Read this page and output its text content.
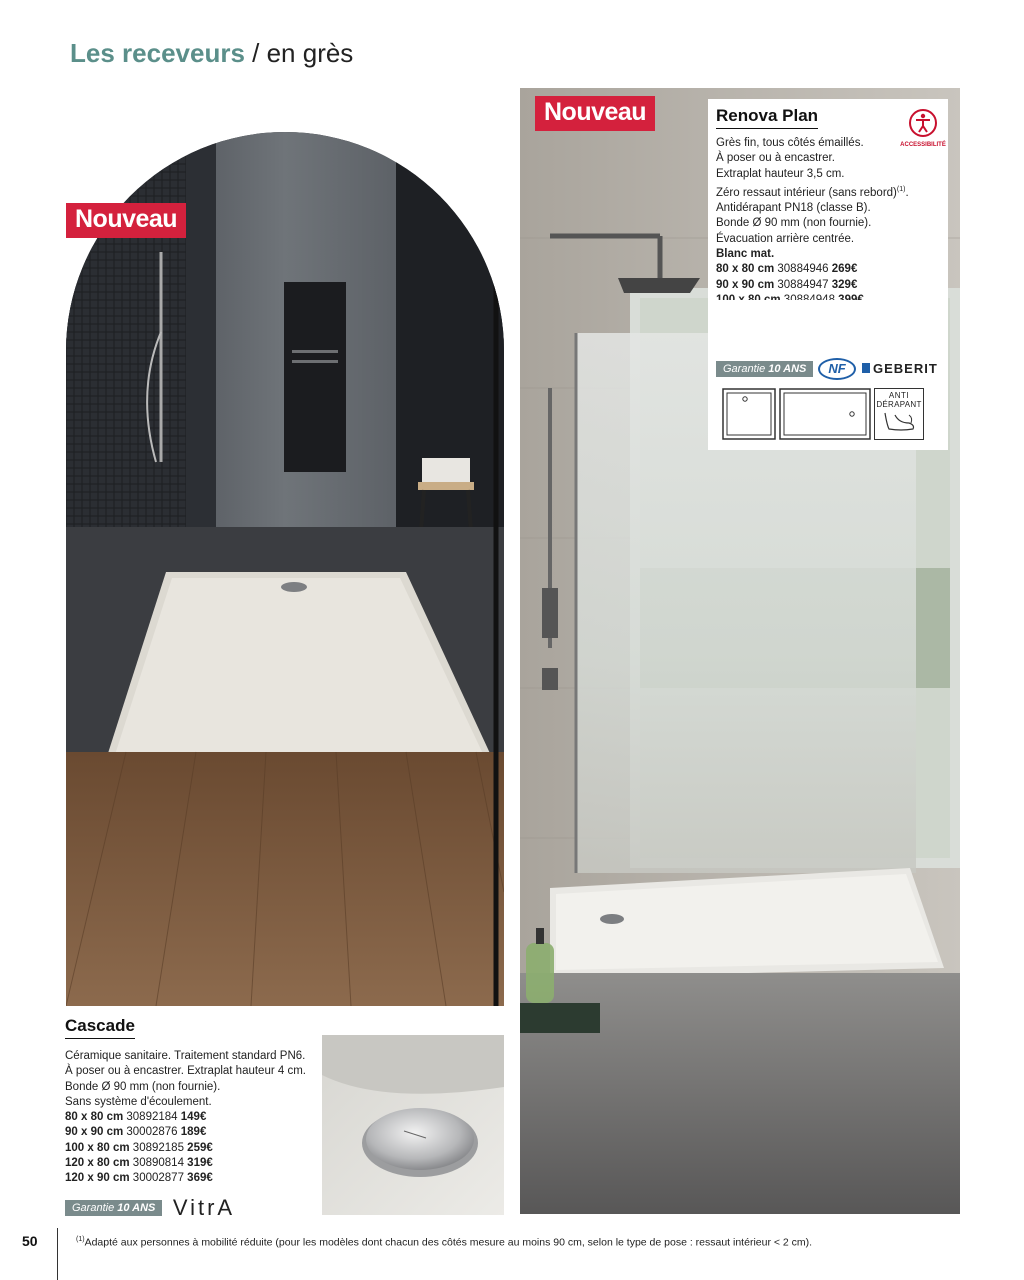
Les receveurs / en grès
Nouveau
Nouveau	Renova Plan
ACCESSIBILITÉ
Grès fin, tous côtés émaillés.
À poser ou à encastrer.
Extraplat hauteur 3,5 cm.
Zéro ressaut intérieur (sans rebord)$^{(1)}$.
Antidérapant PN18 (classe B).
Bonde Ø 90 mm (non fournie).
Évacuation arrière centrée.
Blanc mat.
80 x 80 cm 30884946 269€
90 x 90 cm 30884947 329€
Garantie 10 ANS	NF	GEBERIT
ANTI
DÉRAPANT
Cascade
Céramique sanitaire. Traitement standard PN6.
À poser ou à encastrer. Extraplat hauteur 4 cm.
Bonde Ø 90 mm (non fournie).
Sans système d'écoulement.
80 x 80 cm 30892184 149€
90 x 90 cm 30002876 189€
100 x 80 cm 30892185 259€
120 x 80 cm 30890814 319€
120 x 90 cm 30002877 369€
Garantie 10 ANS VitrA
50	$^{(1)}$Adapté aux personnes à mobilité réduite (pour les modèles dont chacun des côtés mesure au moins 90 cm, selon le type de pose : ressaut intérieur < 2 cm).
